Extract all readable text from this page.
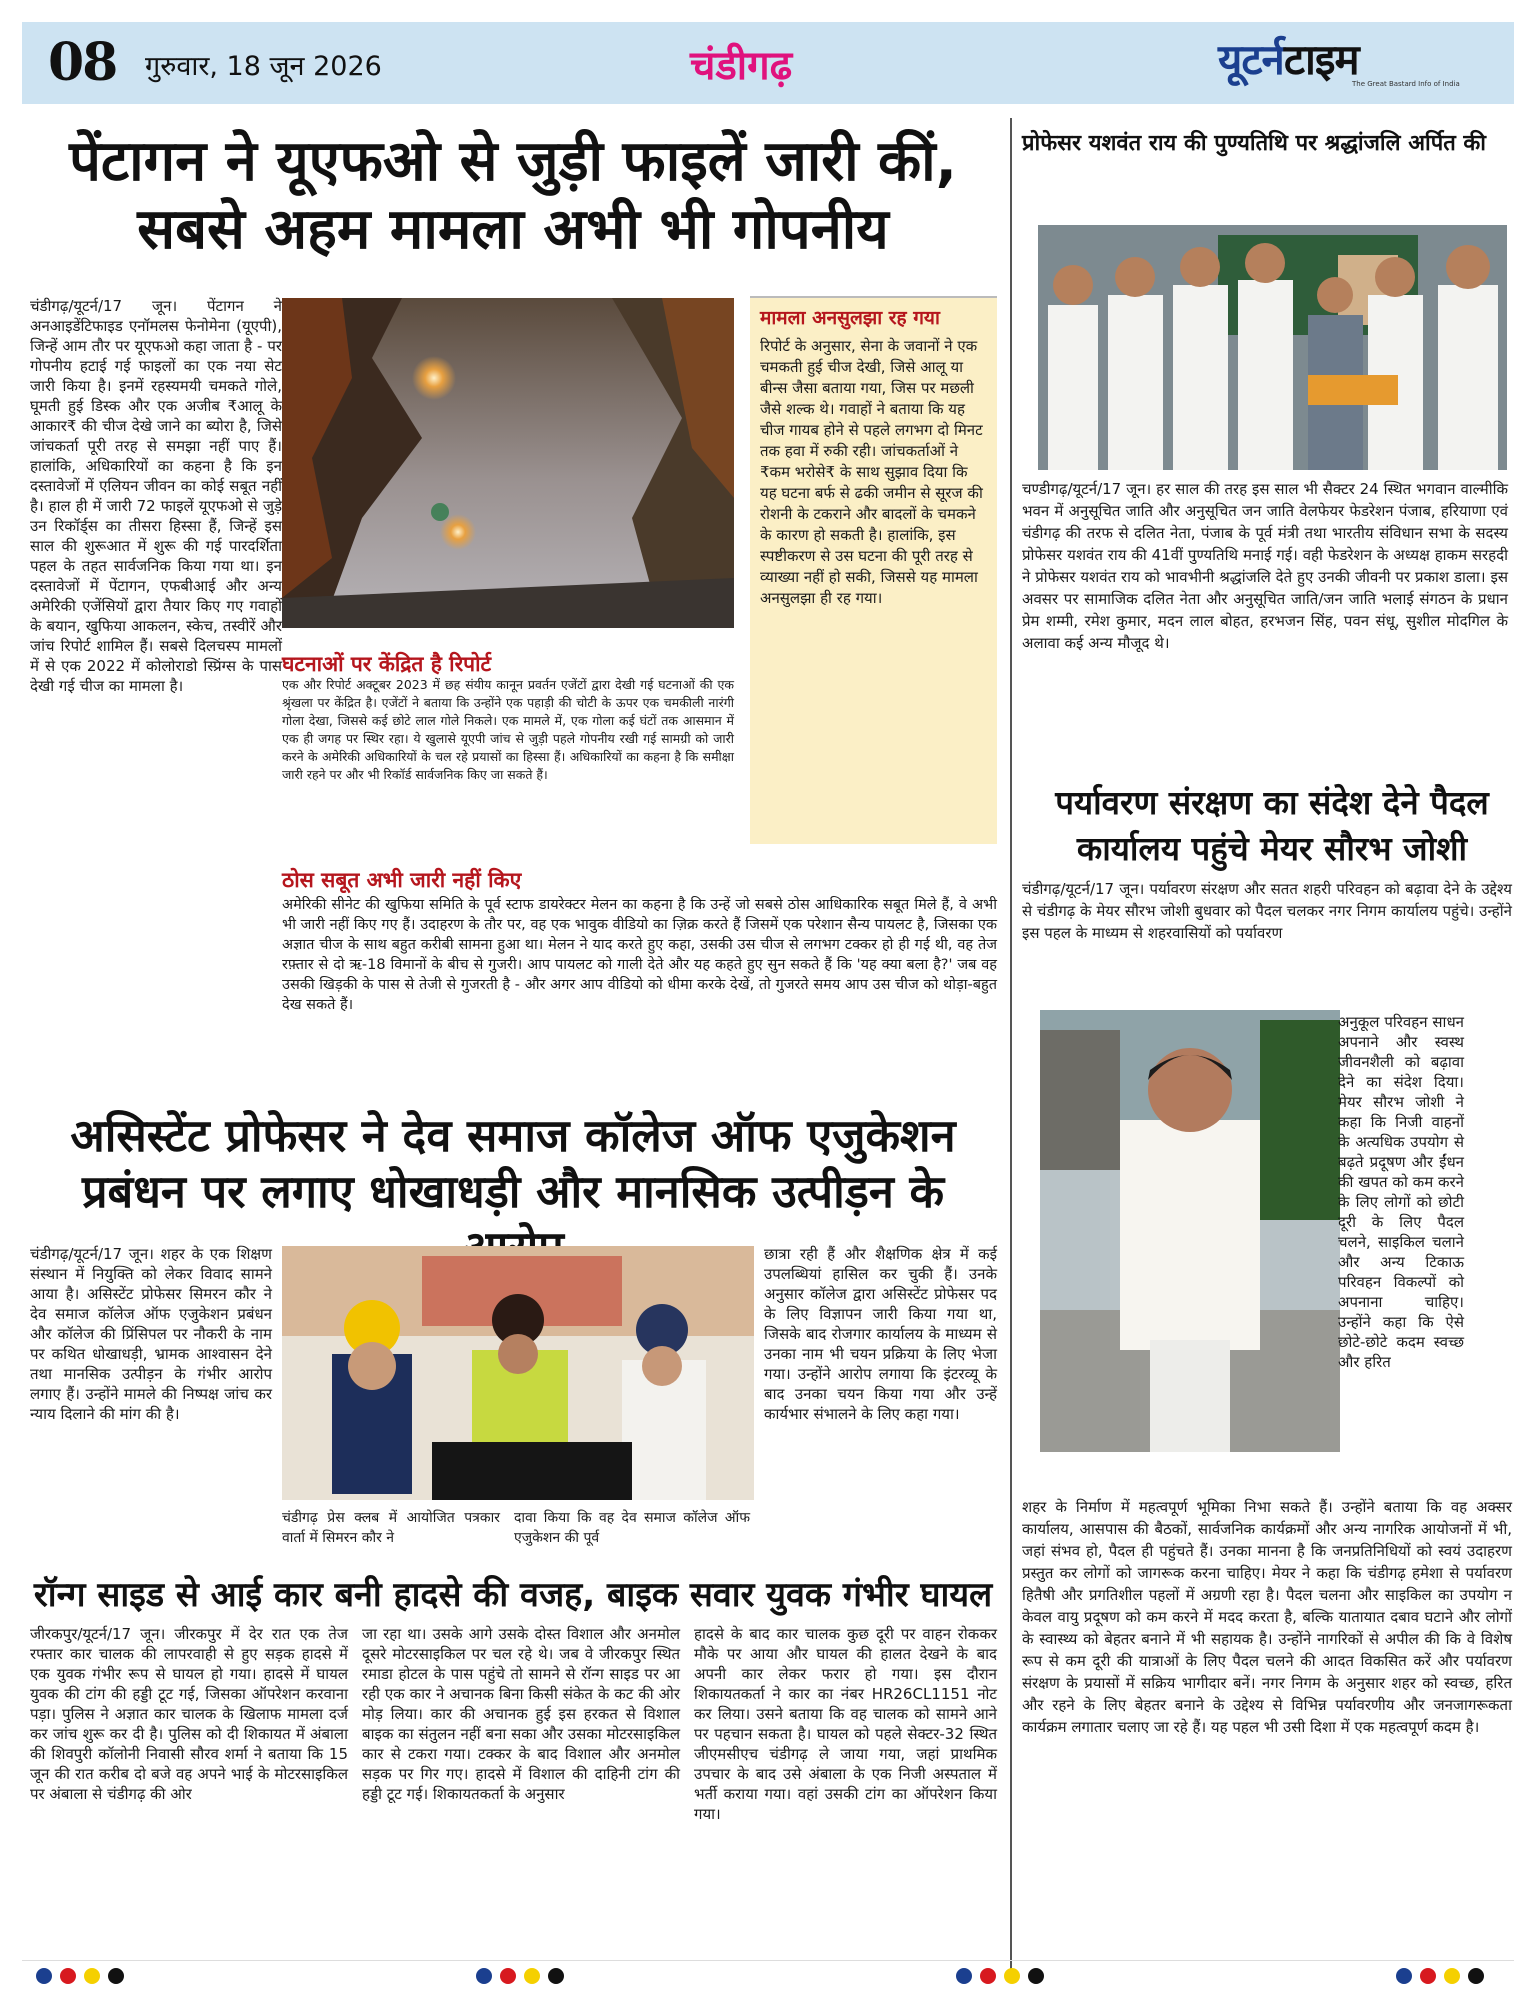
08 गुरुवार, 18 जून 2026	चंडीगढ़	यूटर्नटाइम
The Great Bastard Info of India
पेंटागन ने यूएफओ से जुड़ी फाइलें जारी कीं, सबसे अहम मामला अभी भी गोपनीय
चंडीगढ़/यूटर्न/17 जून। पेंटागन ने अनआइडेंटिफाइड एनॉमलस फेनोमेना (यूएपी), जिन्हें आम तौर पर यूएफओ कहा जाता है - पर गोपनीय हटाई गई फाइलों का एक नया सेट जारी किया है। इनमें रहस्यमयी चमकते गोले, घूमती हुई डिस्क और एक अजीब ₹आलू के आकार₹ की चीज देखे जाने का ब्योरा है, जिसे जांचकर्ता पूरी तरह से समझा नहीं पाए हैं। हालांकि, अधिकारियों का कहना है कि इन दस्तावेजों में एलियन जीवन का कोई सबूत नहीं है। हाल ही में जारी 72 फाइलें यूएफओ से जुड़े उन रिकॉर्ड्स का तीसरा हिस्सा हैं, जिन्हें इस साल की शुरूआत में शुरू की गई पारदर्शिता पहल के तहत सार्वजनिक किया गया था। इन दस्तावेजों में पेंटागन, एफबीआई और अन्य अमेरिकी एजेंसियों द्वारा तैयार किए गए गवाहों के बयान, खुफिया आकलन, स्केच, तस्वीरें और जांच रिपोर्ट शामिल हैं। सबसे दिलचस्प मामलों में से एक 2022 में कोलोराडो स्प्रिंग्स के पास देखी गई चीज का मामला है।
मामला अनसुलझा रह गया
रिपोर्ट के अनुसार, सेना के जवानों ने एक चमकती हुई चीज देखी, जिसे आलू या बीन्स जैसा बताया गया, जिस पर मछली जैसे शल्क थे। गवाहों ने बताया कि यह चीज गायब होने से पहले लगभग दो मिनट तक हवा में रुकी रही। जांचकर्ताओं ने ₹कम भरोसे₹ के साथ सुझाव दिया कि यह घटना बर्फ से ढकी जमीन से सूरज की रोशनी के टकराने और बादलों के चमकने के कारण हो सकती है। हालांकि, इस स्पष्टीकरण से उस घटना की पूरी तरह से व्याख्या नहीं हो सकी, जिससे यह मामला अनसुलझा ही रह गया।
घटनाओं पर केंद्रित है रिपोर्ट
एक और रिपोर्ट अक्टूबर 2023 में छह संयीय कानून प्रवर्तन एजेंटों द्वारा देखी गई घटनाओं की एक श्रृंखला पर केंद्रित है। एजेंटों ने बताया कि उन्होंने एक पहाड़ी की चोटी के ऊपर एक चमकीली नारंगी गोला देखा, जिससे कई छोटे लाल गोले निकले। एक मामले में, एक गोला कई घंटों तक आसमान में एक ही जगह पर स्थिर रहा। ये खुलासे यूएपी जांच से जुड़ी पहले गोपनीय रखी गई सामग्री को जारी करने के अमेरिकी अधिकारियों के चल रहे प्रयासों का हिस्सा हैं। अधिकारियों का कहना है कि समीक्षा जारी रहने पर और भी रिकॉर्ड सार्वजनिक किए जा सकते हैं।
ठोस सबूत अभी जारी नहीं किए
अमेरिकी सीनेट की खुफिया समिति के पूर्व स्टाफ डायरेक्टर मेलन का कहना है कि उन्हें जो सबसे ठोस आधिकारिक सबूत मिले हैं, वे अभी भी जारी नहीं किए गए हैं। उदाहरण के तौर पर, वह एक भावुक वीडियो का ज़िक्र करते हैं जिसमें एक परेशान सैन्य पायलट है, जिसका एक अज्ञात चीज के साथ बहुत करीबी सामना हुआ था। मेलन ने याद करते हुए कहा, उसकी उस चीज से लगभग टक्कर हो ही गई थी, वह तेज रफ़्तार से दो ऋ-18 विमानों के बीच से गुजरी। आप पायलट को गाली देते और यह कहते हुए सुन सकते हैं कि 'यह क्या बला है?' जब वह उसकी खिड़की के पास से तेजी से गुजरती है - और अगर आप वीडियो को धीमा करके देखें, तो गुजरते समय आप उस चीज को थोड़ा-बहुत देख सकते हैं।
असिस्टेंट प्रोफेसर ने देव समाज कॉलेज ऑफ एजुकेशन प्रबंधन पर लगाए धोखाधड़ी और मानसिक उत्पीड़न के
चंडीगढ़/यूटर्न/17 जून। शहर के एक शिक्षण संस्थान में नियुक्ति को लेकर विवाद सामने आया है। असिस्टेंट प्रोफेसर सिमरन कौर ने देव समाज कॉलेज ऑफ एजुकेशन प्रबंधन और कॉलेज की प्रिंसिपल पर नौकरी के नाम पर कथित धोखाधड़ी, भ्रामक आश्वासन देने तथा मानसिक उत्पीड़न के गंभीर आरोप लगाए हैं। उन्होंने मामले की निष्पक्ष जांच कर न्याय दिलाने की मांग की है।
चंडीगढ़ प्रेस क्लब में आयोजित पत्रकार वार्ता में सिमरन कौर ने
दावा किया कि वह देव समाज कॉलेज ऑफ एजुकेशन की पूर्व
छात्रा रही हैं और शैक्षणिक क्षेत्र में कई उपलब्धियां हासिल कर चुकी हैं। उनके अनुसार कॉलेज द्वारा असिस्टेंट प्रोफेसर पद के लिए विज्ञापन जारी किया गया था, जिसके बाद रोजगार कार्यालय के माध्यम से उनका नाम भी चयन प्रक्रिया के लिए भेजा गया। उन्होंने आरोप लगाया कि इंटरव्यू के बाद उनका चयन किया गया और उन्हें कार्यभार संभालने के लिए कहा गया।
रॉन्ग साइड से आई कार बनी हादसे की वजह, बाइक सवार युवक गंभीर घायल
जीरकपुर/यूटर्न/17 जून। जीरकपुर में देर रात एक तेज रफ्तार कार चालक की लापरवाही से हुए सड़क हादसे में एक युवक गंभीर रूप से घायल हो गया। हादसे में घायल युवक की टांग की हड्डी टूट गई, जिसका ऑपरेशन करवाना पड़ा। पुलिस ने अज्ञात कार चालक के खिलाफ मामला दर्ज कर जांच शुरू कर दी है। पुलिस को दी शिकायत में अंबाला की शिवपुरी कॉलोनी निवासी सौरव शर्मा ने बताया कि 15 जून की रात करीब दो बजे वह अपने भाई के मोटरसाइकिल पर अंबाला से चंडीगढ़ की ओर
जा रहा था। उसके आगे उसके दोस्त विशाल और अनमोल दूसरे मोटरसाइकिल पर चल रहे थे। जब वे जीरकपुर स्थित रमाडा होटल के पास पहुंचे तो सामने से रॉन्ग साइड पर आ रही एक कार ने अचानक बिना किसी संकेत के कट की ओर मोड़ लिया। कार की अचानक हुई इस हरकत से विशाल बाइक का संतुलन नहीं बना सका और उसका मोटरसाइकिल कार से टकरा गया। टक्कर के बाद विशाल और अनमोल सड़क पर गिर गए। हादसे में विशाल की दाहिनी टांग की हड्डी टूट गई। शिकायतकर्ता के अनुसार
हादसे के बाद कार चालक कुछ दूरी पर वाहन रोककर मौके पर आया और घायल की हालत देखने के बाद अपनी कार लेकर फरार हो गया। इस दौरान शिकायतकर्ता ने कार का नंबर HR26CL1151 नोट कर लिया। उसने बताया कि वह चालक को सामने आने पर पहचान सकता है। घायल को पहले सेक्टर-32 स्थित जीएमसीएच चंडीगढ़ ले जाया गया, जहां प्राथमिक उपचार के बाद उसे अंबाला के एक निजी अस्पताल में भर्ती कराया गया। वहां उसकी टांग का ऑपरेशन किया गया।
प्रोफेसर यशवंत राय की पुण्यतिथि पर श्रद्धांजलि अर्पित की
चण्डीगढ़/यूटर्न/17 जून। हर साल की तरह इस साल भी सैक्टर 24 स्थित भगवान वाल्मीकि भवन में अनुसूचित जाति और अनुसूचित जन जाति वेलफेयर फेडरेशन पंजाब, हरियाणा एवं चंडीगढ़ की तरफ से दलित नेता, पंजाब के पूर्व मंत्री तथा भारतीय संविधान सभा के सदस्य प्रोफेसर यशवंत राय की 41वीं पुण्यतिथि मनाई गई। वही फेडरेशन के अध्यक्ष हाकम सरहदी ने प्रोफेसर यशवंत राय को भावभीनी श्रद्धांजलि देते हुए उनकी जीवनी पर प्रकाश डाला। इस अवसर पर सामाजिक दलित नेता और अनुसूचित जाति/जन जाति भलाई संगठन के प्रधान प्रेम शम्मी, रमेश कुमार, मदन लाल बोहत, हरभजन सिंह, पवन संधू, सुशील मोदगिल के अलावा कई अन्य मौजूद थे।
पर्यावरण संरक्षण का संदेश देने पैदल कार्यालय पहुंचे मेयर सौरभ जोशी
चंडीगढ़/यूटर्न/17 जून। पर्यावरण संरक्षण और सतत शहरी परिवहन को बढ़ावा देने के उद्देश्य से चंडीगढ़ के मेयर सौरभ जोशी बुधवार को पैदल चलकर नगर निगम कार्यालय पहुंचे। उन्होंने इस पहल के माध्यम से शहरवासियों को पर्यावरण
अनुकूल परिवहन साधन अपनाने और स्वस्थ जीवनशैली को बढ़ावा देने का संदेश दिया। मेयर सौरभ जोशी ने कहा कि निजी वाहनों के अत्यधिक उपयोग से बढ़ते प्रदूषण और ईंधन की खपत को कम करने के लिए लोगों को छोटी दूरी के लिए पैदल चलने, साइकिल चलाने और अन्य टिकाऊ परिवहन विकल्पों को अपनाना चाहिए। उन्होंने कहा कि ऐसे छोटे-छोटे कदम स्वच्छ और हरित
शहर के निर्माण में महत्वपूर्ण भूमिका निभा सकते हैं। उन्होंने बताया कि वह अक्सर कार्यालय, आसपास की बैठकों, सार्वजनिक कार्यक्रमों और अन्य नागरिक आयोजनों में भी, जहां संभव हो, पैदल ही पहुंचते हैं। उनका मानना है कि जनप्रतिनिधियों को स्वयं उदाहरण प्रस्तुत कर लोगों को जागरूक करना चाहिए। मेयर ने कहा कि चंडीगढ़ हमेशा से पर्यावरण हितैषी और प्रगतिशील पहलों में अग्रणी रहा है। पैदल चलना और साइकिल का उपयोग न केवल वायु प्रदूषण को कम करने में मदद करता है, बल्कि यातायात दबाव घटाने और लोगों के स्वास्थ्य को बेहतर बनाने में भी सहायक है। उन्होंने नागरिकों से अपील की कि वे विशेष रूप से कम दूरी की यात्राओं के लिए पैदल चलने की आदत विकसित करें और पर्यावरण संरक्षण के प्रयासों में सक्रिय भागीदार बनें। नगर निगम के अनुसार शहर को स्वच्छ, हरित और रहने के लिए बेहतर बनाने के उद्देश्य से विभिन्न पर्यावरणीय और जनजागरूकता कार्यक्रम लगातार चलाए जा रहे हैं। यह पहल भी उसी दिशा में एक महत्वपूर्ण कदम है।
